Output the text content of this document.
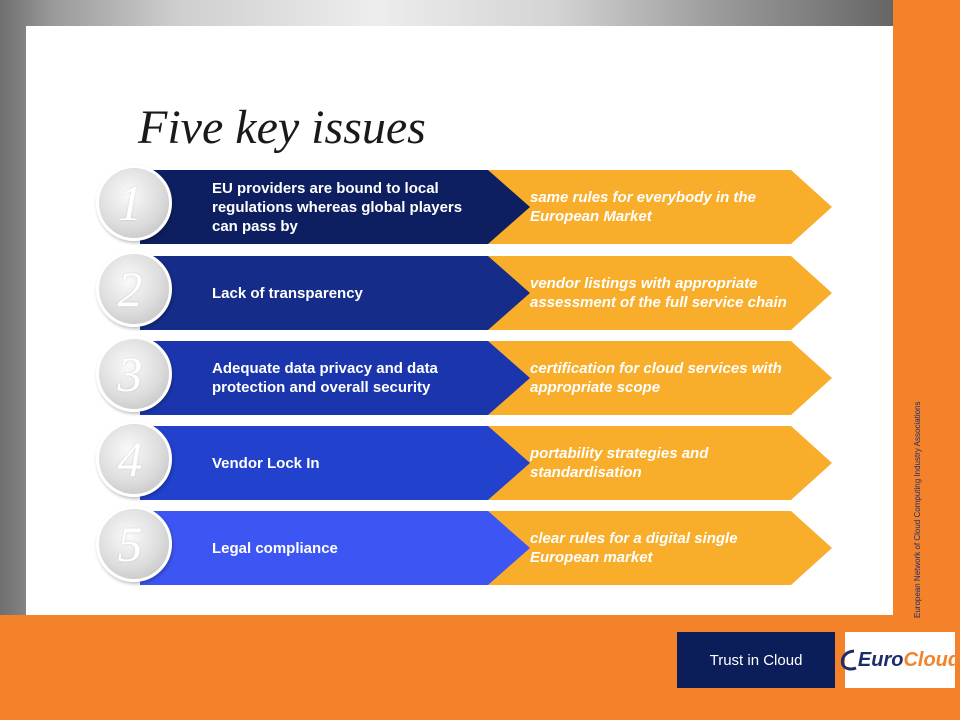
European Network of Cloud Computing Industry Associations
Five key issues
EU providers are bound to local regulations whereas global players can pass by
same rules for everybody in the European Market
1
Lack of transparency
vendor listings with appropriate assessment of the full service chain
2
Adequate data privacy and data protection and overall security
certification for cloud services with appropriate scope
3
Vendor Lock In
portability strategies and standardisation
4
Legal compliance
clear rules for a digital single European market
5
Trust in Cloud	Euro Cloud
